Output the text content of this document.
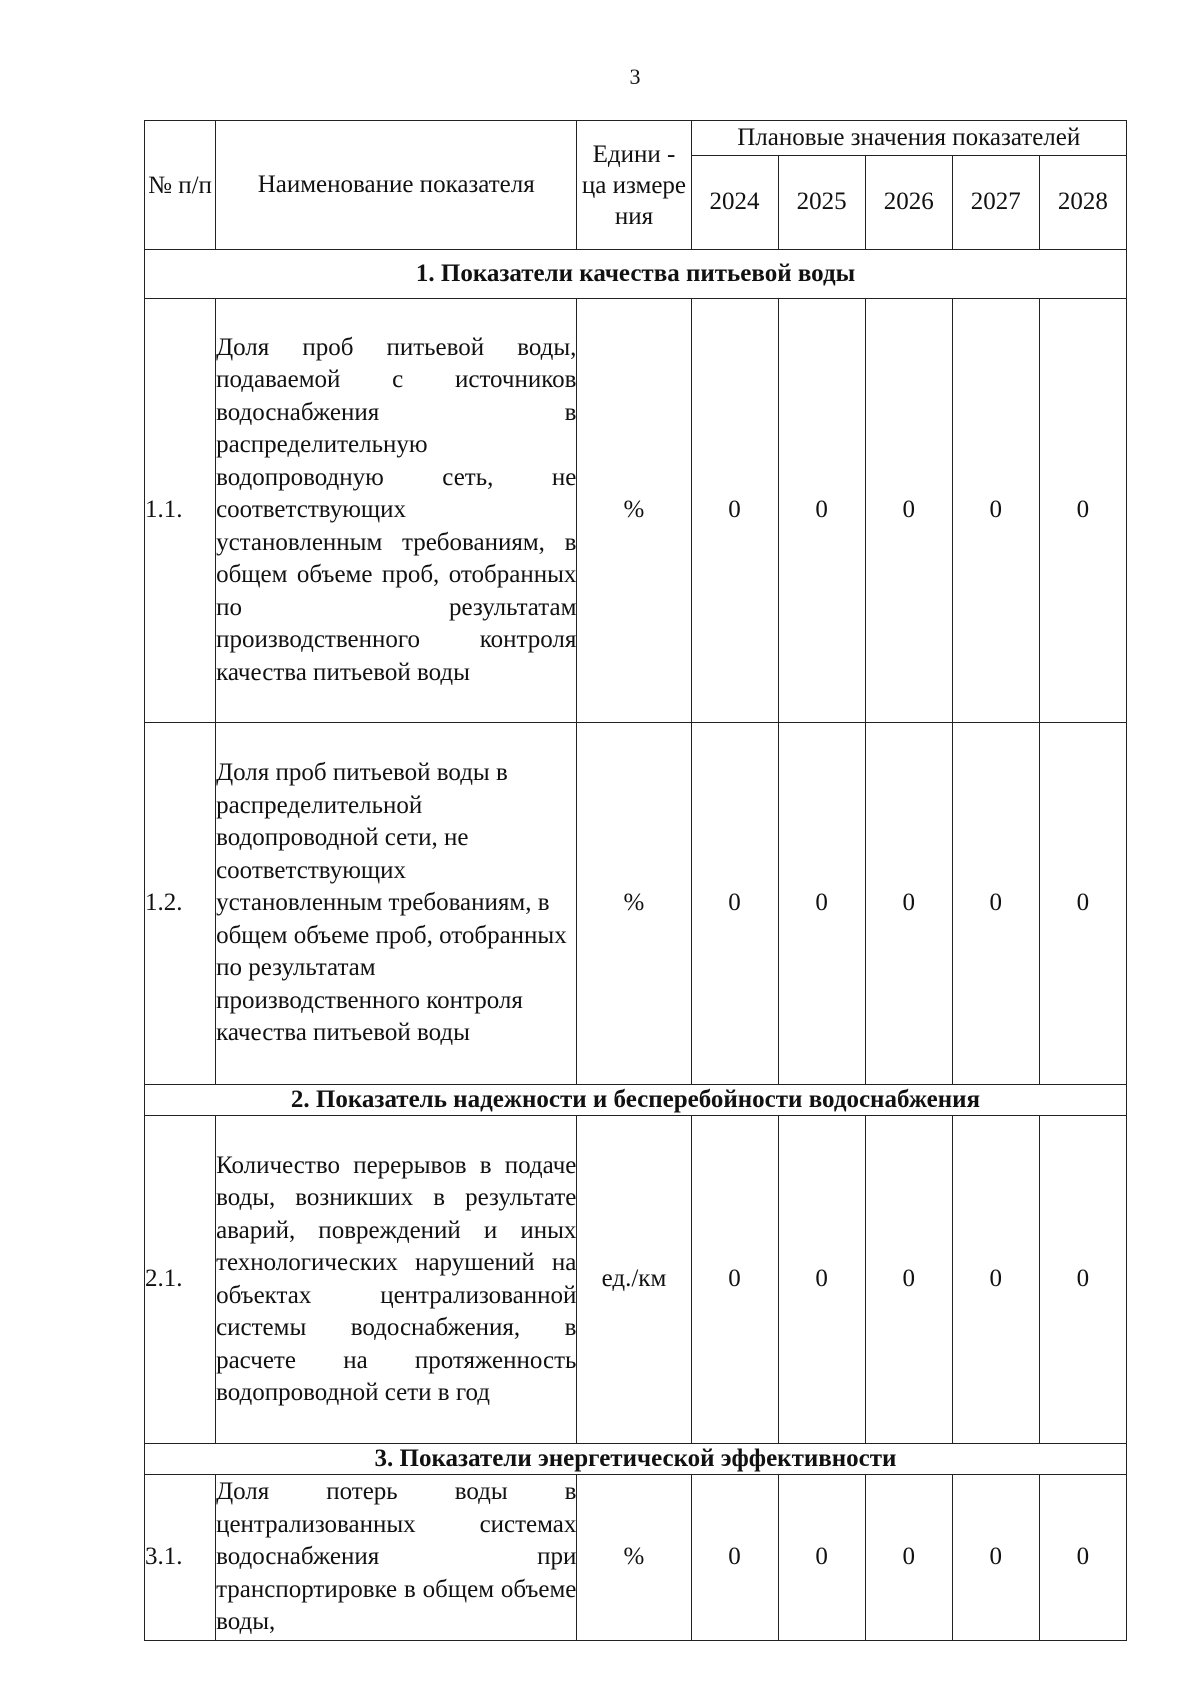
3
№ п/п	Наименование показателя	Едини - ца измере ния	Плановые значения показателей				
			2024	2025	2026	2027	2028
1. Показатели качества питьевой воды							
1.1.	Доля проб питьевой воды, подаваемой с источников водоснабжения в распределительную водопроводную сеть, не соответствующих установленным требованиям, в общем объеме проб, отобранных по результатам производственного контроля качества питьевой воды	%	0	0	0	0	0
1.2.	Доля проб питьевой воды в распределительной водопроводной сети, не соответствующих установленным требованиям, в общем объеме проб, отобранных по результатам производственного контроля качества питьевой воды	%	0	0	0	0	0
2. Показатель надежности и бесперебойности водоснабжения							
2.1.	Количество перерывов в подаче воды, возникших в результате аварий, повреждений и иных технологических нарушений на объектах централизованной системы водоснабжения, в расчете на протяженность водопроводной сети в год	ед./км	0	0	0	0	0
3. Показатели энергетической эффективности							
3.1.	Доля потерь воды в централизованных системах водоснабжения при транспортировке в общем объеме воды,	%	0	0	0	0	0
